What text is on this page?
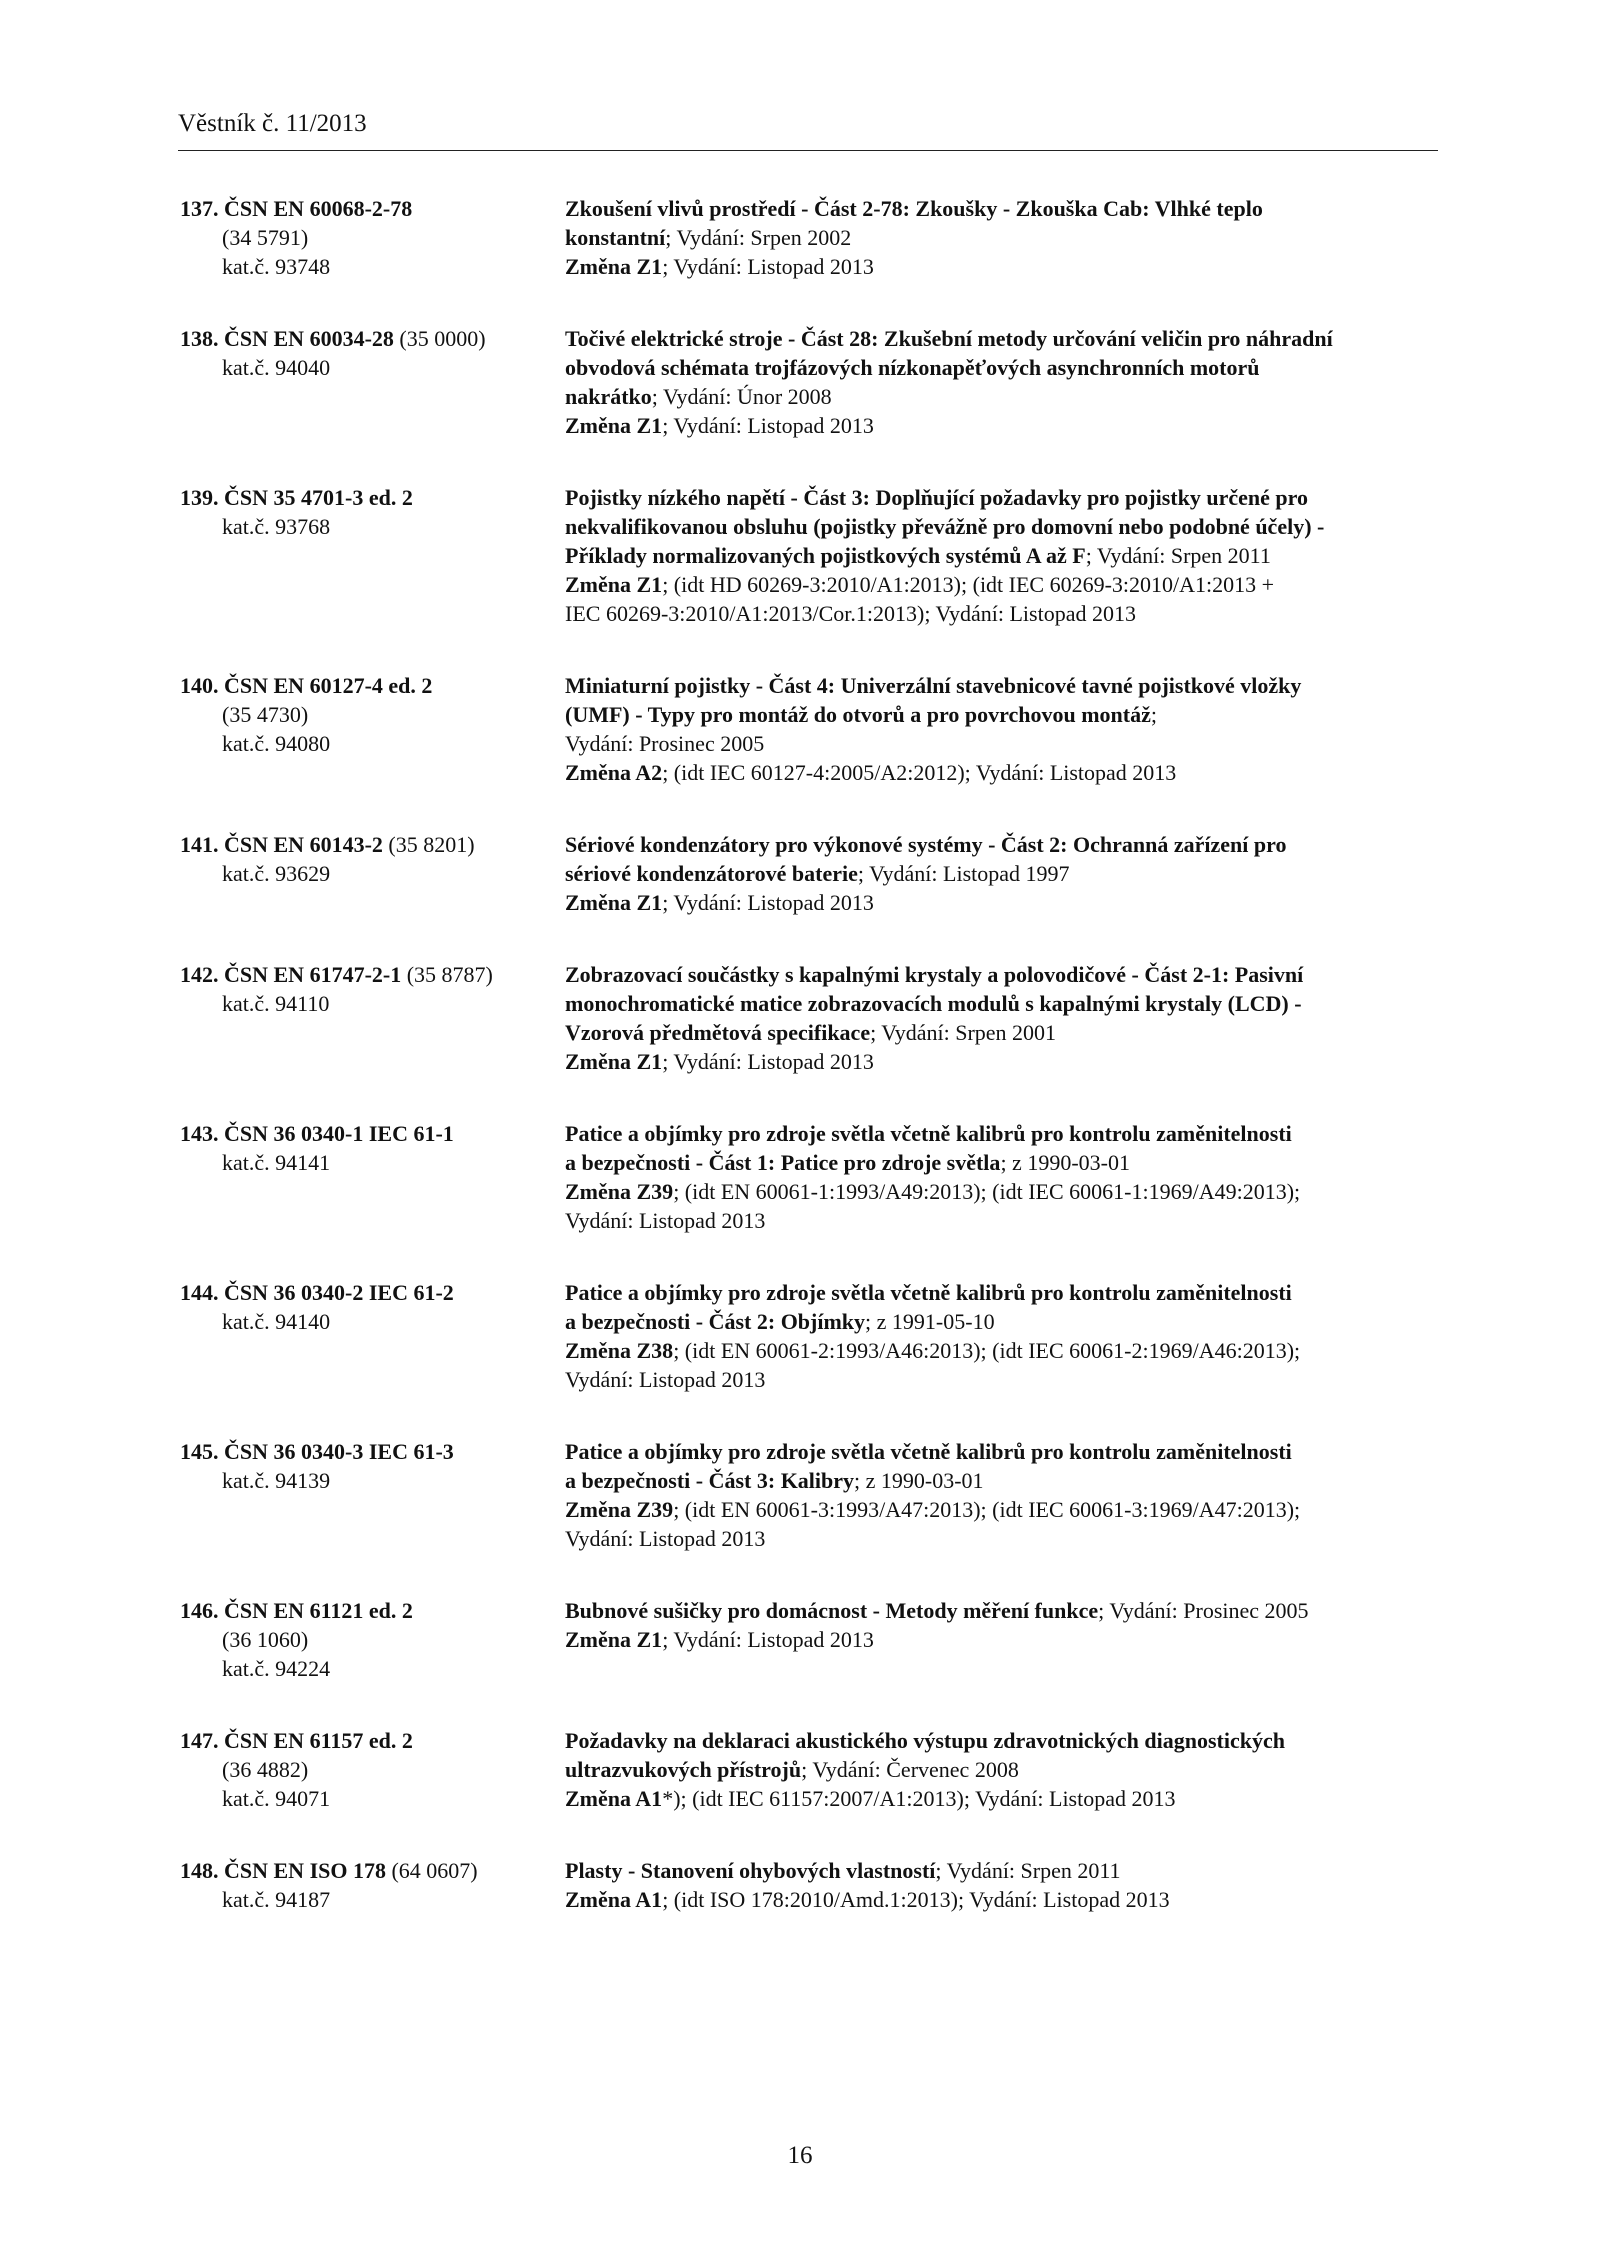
Věstník č. 11/2013
137. ČSN EN 60068-2-78
(34 5791)
kat.č. 93748
Zkoušení vlivů prostředí - Část 2-78: Zkoušky - Zkouška Cab: Vlhké teplo
konstantní; Vydání: Srpen 2002
Změna Z1; Vydání: Listopad 2013
138. ČSN EN 60034-28 (35 0000)
kat.č. 94040
Točivé elektrické stroje - Část 28: Zkušební metody určování veličin pro náhradní
obvodová schémata trojfázových nízkonapěťových asynchronních motorů
nakrátko; Vydání: Únor 2008
Změna Z1; Vydání: Listopad 2013
139. ČSN 35 4701-3 ed. 2
kat.č. 93768
Pojistky nízkého napětí - Část 3: Doplňující požadavky pro pojistky určené pro
nekvalifikovanou obsluhu (pojistky převážně pro domovní nebo podobné účely) -
Příklady normalizovaných pojistkových systémů A až F; Vydání: Srpen 2011
Změna Z1; (idt HD 60269-3:2010/A1:2013); (idt IEC 60269-3:2010/A1:2013 +
IEC 60269-3:2010/A1:2013/Cor.1:2013); Vydání: Listopad 2013
140. ČSN EN 60127-4 ed. 2
(35 4730)
kat.č. 94080
Miniaturní pojistky - Část 4: Univerzální stavebnicové tavné pojistkové vložky
(UMF) - Typy pro montáž do otvorů a pro povrchovou montáž;
Vydání: Prosinec 2005
Změna A2; (idt IEC 60127-4:2005/A2:2012); Vydání: Listopad 2013
141. ČSN EN 60143-2 (35 8201)
kat.č. 93629
Sériové kondenzátory pro výkonové systémy - Část 2: Ochranná zařízení pro
sériové kondenzátorové baterie; Vydání: Listopad 1997
Změna Z1; Vydání: Listopad 2013
142. ČSN EN 61747-2-1 (35 8787)
kat.č. 94110
Zobrazovací součástky s kapalnými krystaly a polovodičové - Část 2-1: Pasivní
monochromatické matice zobrazovacích modulů s kapalnými krystaly (LCD) -
Vzorová předmětová specifikace; Vydání: Srpen 2001
Změna Z1; Vydání: Listopad 2013
143. ČSN 36 0340-1 IEC 61-1
kat.č. 94141
Patice a objímky pro zdroje světla včetně kalibrů pro kontrolu zaměnitelnosti
a bezpečnosti - Část 1: Patice pro zdroje světla; z 1990-03-01
Změna Z39; (idt EN 60061-1:1993/A49:2013); (idt IEC 60061-1:1969/A49:2013);
Vydání: Listopad 2013
144. ČSN 36 0340-2 IEC 61-2
kat.č. 94140
Patice a objímky pro zdroje světla včetně kalibrů pro kontrolu zaměnitelnosti
a bezpečnosti - Část 2: Objímky; z 1991-05-10
Změna Z38; (idt EN 60061-2:1993/A46:2013); (idt IEC 60061-2:1969/A46:2013);
Vydání: Listopad 2013
145. ČSN 36 0340-3 IEC 61-3
kat.č. 94139
Patice a objímky pro zdroje světla včetně kalibrů pro kontrolu zaměnitelnosti
a bezpečnosti - Část 3: Kalibry; z 1990-03-01
Změna Z39; (idt EN 60061-3:1993/A47:2013); (idt IEC 60061-3:1969/A47:2013);
Vydání: Listopad 2013
146. ČSN EN 61121 ed. 2
(36 1060)
kat.č. 94224
Bubnové sušičky pro domácnost - Metody měření funkce; Vydání: Prosinec 2005
Změna Z1; Vydání: Listopad 2013
147. ČSN EN 61157 ed. 2
(36 4882)
kat.č. 94071
Požadavky na deklaraci akustického výstupu zdravotnických diagnostických
ultrazvukových přístrojů; Vydání: Červenec 2008
Změna A1*); (idt IEC 61157:2007/A1:2013); Vydání: Listopad 2013
148. ČSN EN ISO 178 (64 0607)
kat.č. 94187
Plasty - Stanovení ohybových vlastností; Vydání: Srpen 2011
Změna A1; (idt ISO 178:2010/Amd.1:2013); Vydání: Listopad 2013
16
